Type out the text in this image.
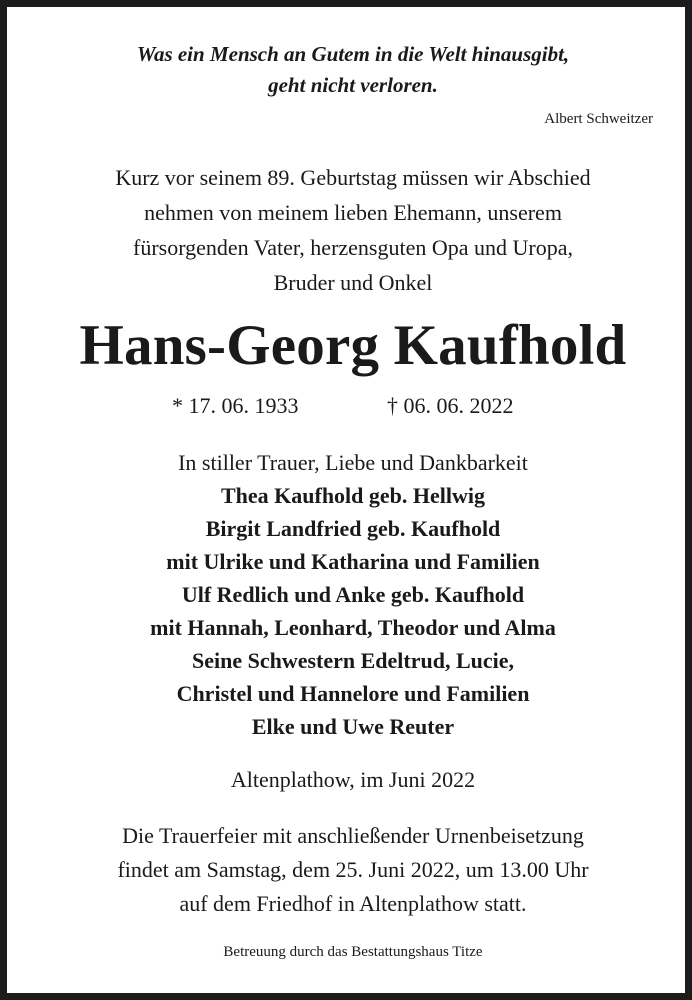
Was ein Mensch an Gutem in die Welt hinausgibt,
geht nicht verloren.
Albert Schweitzer
Kurz vor seinem 89. Geburtstag müssen wir Abschied
nehmen von meinem lieben Ehemann, unserem
fürsorgenden Vater, herzensguten Opa und Uropa,
Bruder und Onkel
Hans-Georg Kaufhold
* 17. 06. 1933	† 06. 06. 2022
In stiller Trauer, Liebe und Dankbarkeit
Thea Kaufhold geb. Hellwig
Birgit Landfried geb. Kaufhold
mit Ulrike und Katharina und Familien
Ulf Redlich und Anke geb. Kaufhold
mit Hannah, Leonhard, Theodor und Alma
Seine Schwestern Edeltrud, Lucie,
Christel und Hannelore und Familien
Elke und Uwe Reuter
Altenplathow, im Juni 2022
Die Trauerfeier mit anschließender Urnenbeisetzung
findet am Samstag, dem 25. Juni 2022, um 13.00 Uhr
auf dem Friedhof in Altenplathow statt.
Betreuung durch das Bestattungshaus Titze
